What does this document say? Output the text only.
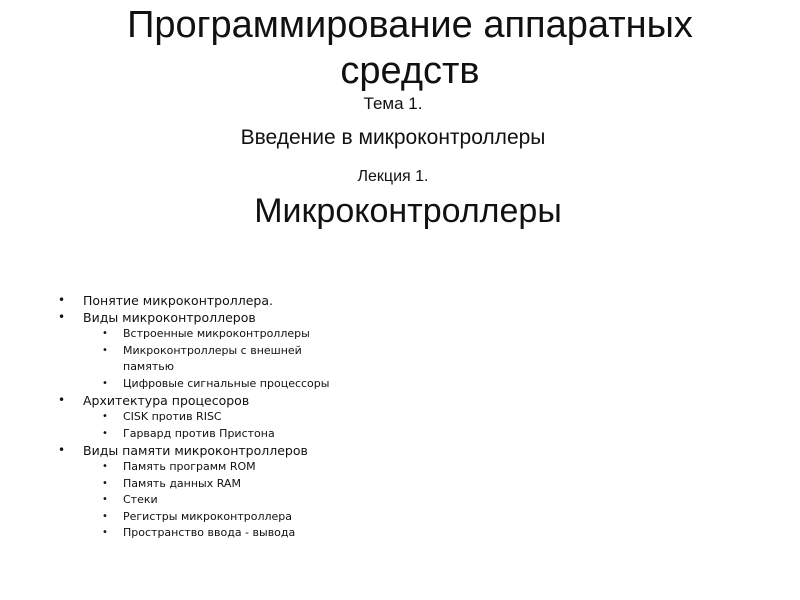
Программирование аппаратных средств
Тема 1.
Введение в микроконтроллеры
Лекция 1.
Микроконтроллеры
• Понятие микроконтроллера.
• Виды микроконтроллеров
• Встроенные микроконтроллеры
• Микроконтроллеры с внешней памятью
• Цифровые сигнальные процессоры
• Архитектура процесоров
• CISK против RISC
• Гарвард против Пристона
• Виды памяти микроконтроллеров
• Память программ ROM
• Память данных RAM
• Стеки
• Регистры микроконтроллера
• Пространство ввода - вывода
